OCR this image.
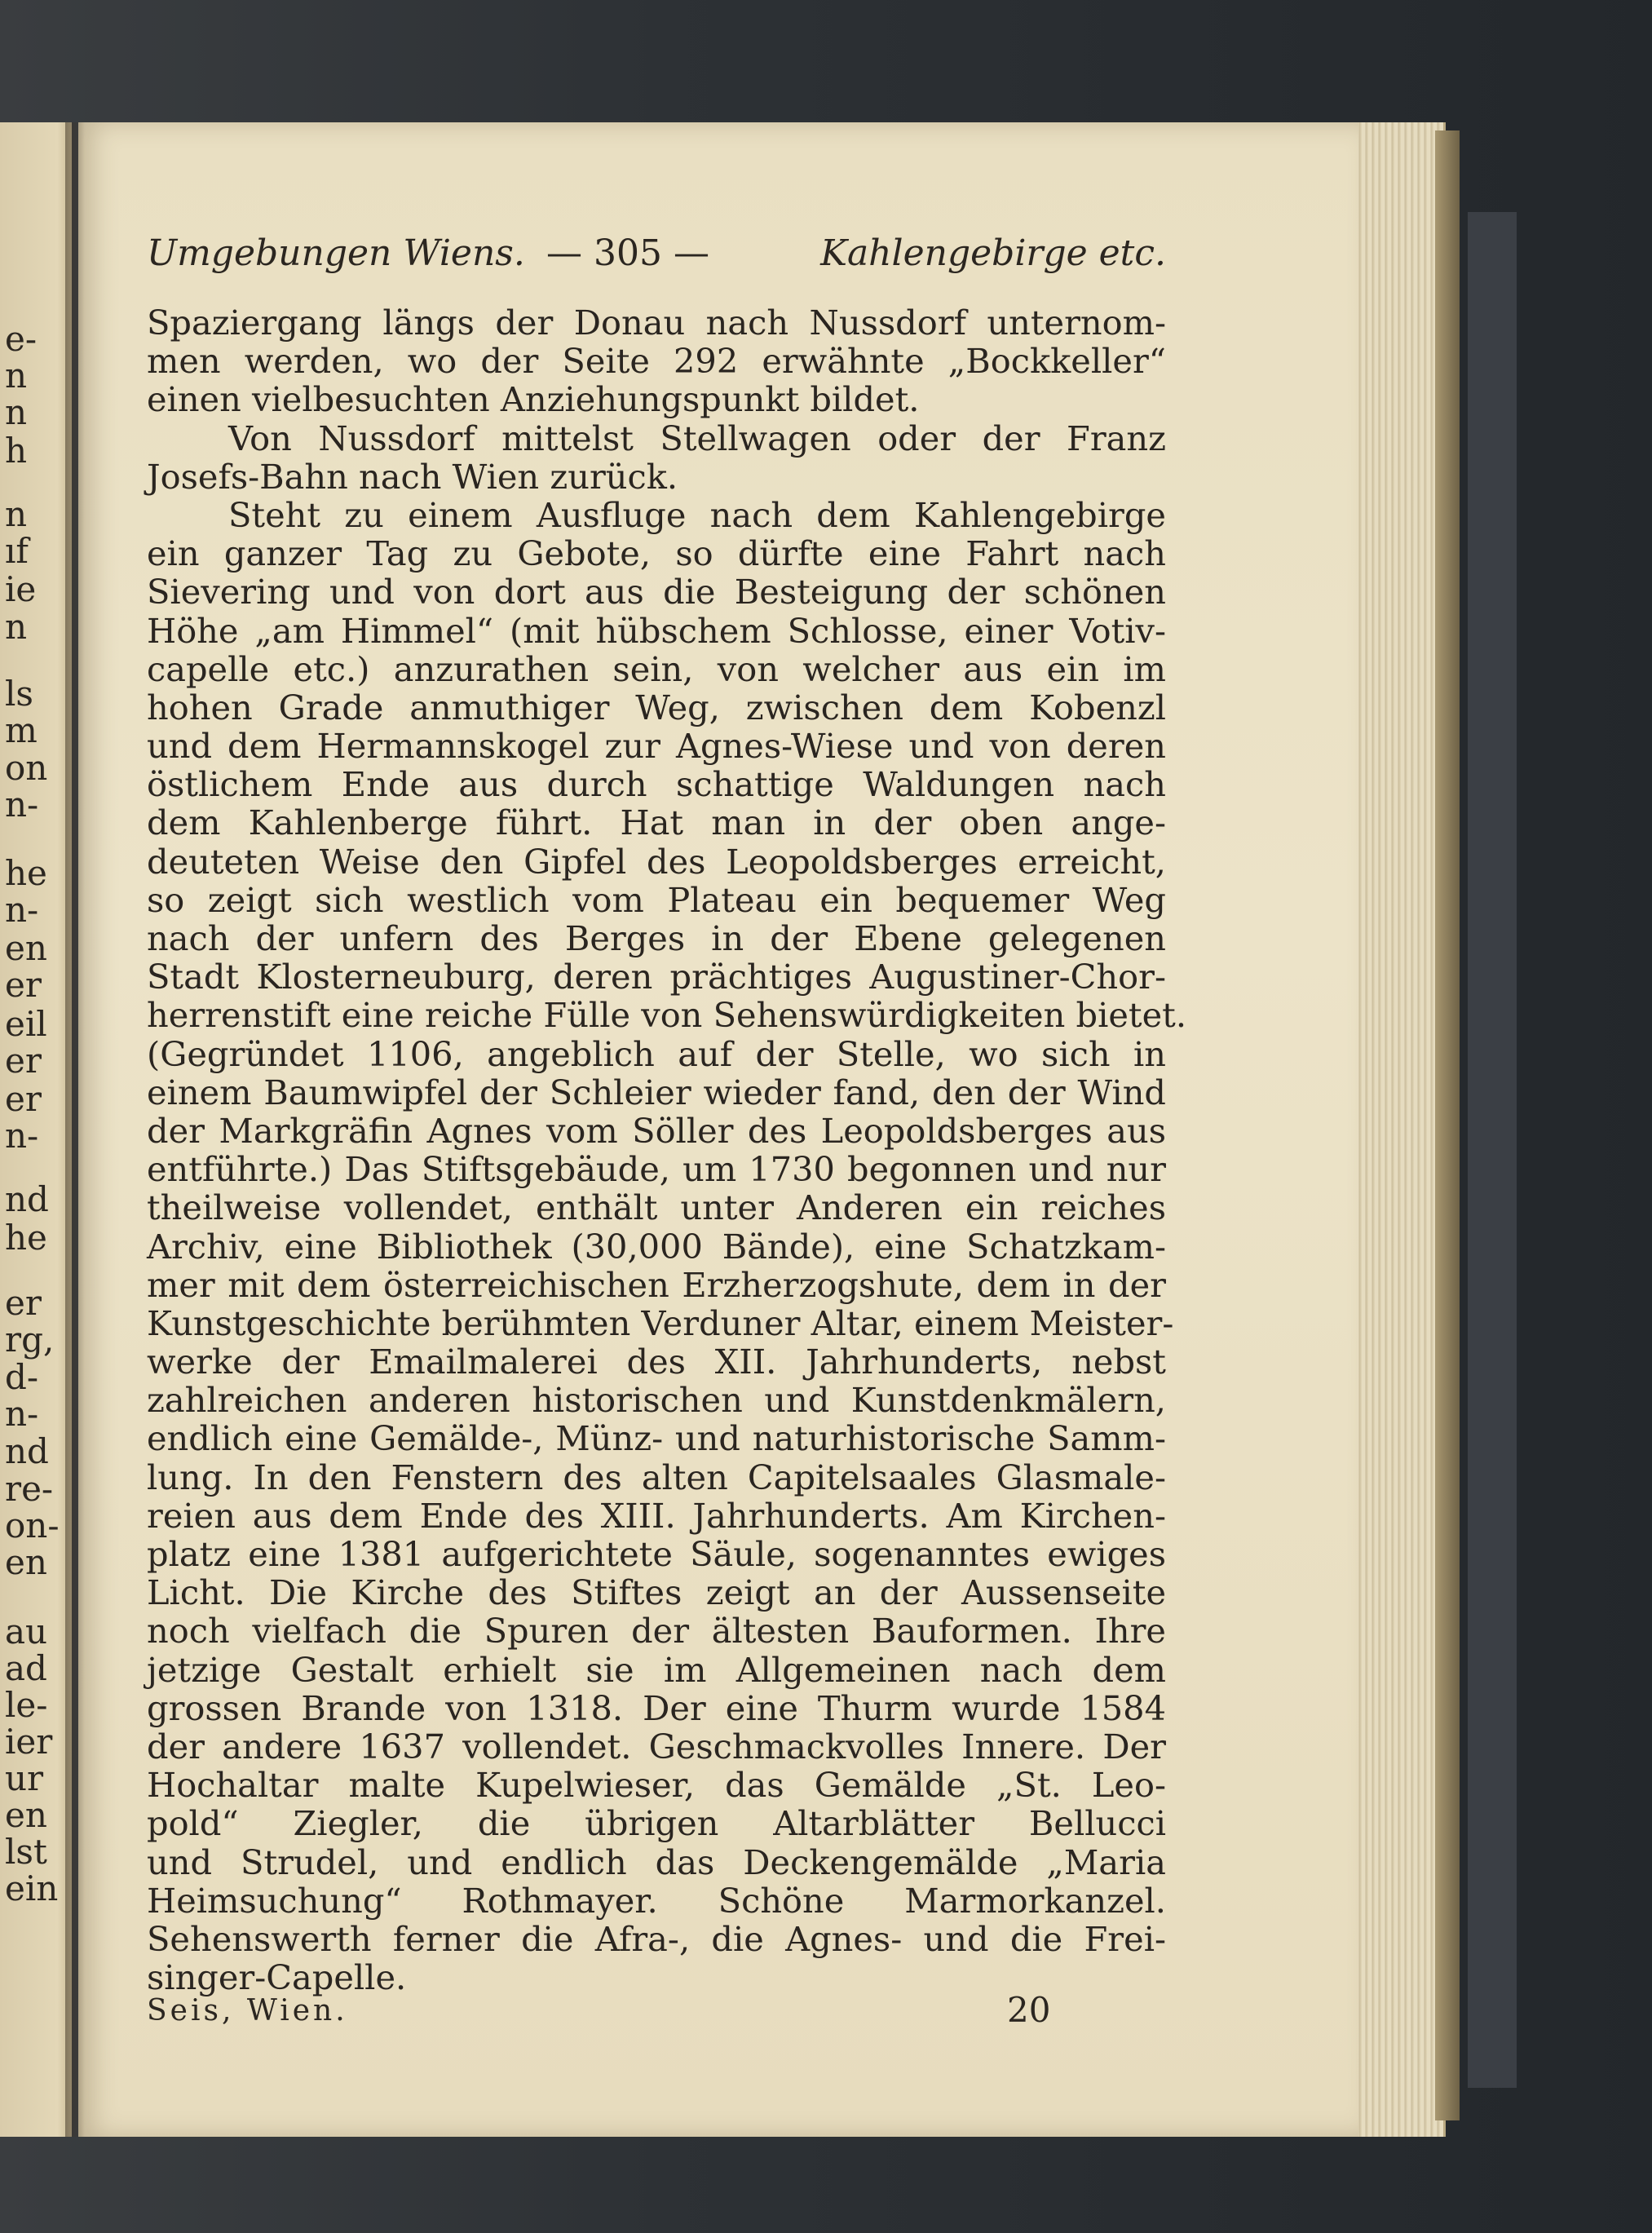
e-
n
n
h
n
ıf
ie
n
ls
m
on
n-
he
n-
en
er
eil
er
er
n-
nd
he
er
rg,
d-
n-
nd
re-
on-
en
au
ad
le-
ier
ur
en
lst
ein
Umgebungen Wiens. — 305 —	Kahlengebirge etc.
Spaziergang längs der Donau nach Nussdorf unternom-
men werden, wo der Seite 292 erwähnte „Bockkeller“
einen vielbesuchten Anziehungspunkt bildet.
Von Nussdorf mittelst Stellwagen oder der Franz
Josefs-Bahn nach Wien zurück.
Steht zu einem Ausfluge nach dem Kahlengebirge
ein ganzer Tag zu Gebote, so dürfte eine Fahrt nach
Sievering und von dort aus die Besteigung der schönen
Höhe „am Himmel“ (mit hübschem Schlosse, einer Votiv-
capelle etc.) anzurathen sein, von welcher aus ein im
hohen Grade anmuthiger Weg, zwischen dem Kobenzl
und dem Hermannskogel zur Agnes-Wiese und von deren
östlichem Ende aus durch schattige Waldungen nach
dem Kahlenberge führt. Hat man in der oben ange-
deuteten Weise den Gipfel des Leopoldsberges erreicht,
so zeigt sich westlich vom Plateau ein bequemer Weg
nach der unfern des Berges in der Ebene gelegenen
Stadt Klosterneuburg, deren prächtiges Augustiner-Chor-
herrenstift eine reiche Fülle von Sehenswürdigkeiten bietet.
(Gegründet 1106, angeblich auf der Stelle, wo sich in
einem Baumwipfel der Schleier wieder fand, den der Wind
der Markgräfin Agnes vom Söller des Leopoldsberges aus
entführte.) Das Stiftsgebäude, um 1730 begonnen und nur
theilweise vollendet, enthält unter Anderen ein reiches
Archiv, eine Bibliothek (30,000 Bände), eine Schatzkam-
mer mit dem österreichischen Erzherzogshute, dem in der
Kunstgeschichte berühmten Verduner Altar, einem Meister-
werke der Emailmalerei des XII. Jahrhunderts, nebst
zahlreichen anderen historischen und Kunstdenkmälern,
endlich eine Gemälde-, Münz- und naturhistorische Samm-
lung. In den Fenstern des alten Capitelsaales Glasmale-
reien aus dem Ende des XIII. Jahrhunderts. Am Kirchen-
platz eine 1381 aufgerichtete Säule, sogenanntes ewiges
Licht. Die Kirche des Stiftes zeigt an der Aussenseite
noch vielfach die Spuren der ältesten Bauformen. Ihre
jetzige Gestalt erhielt sie im Allgemeinen nach dem
grossen Brande von 1318. Der eine Thurm wurde 1584
der andere 1637 vollendet. Geschmackvolles Innere. Der
Hochaltar malte Kupelwieser, das Gemälde „St. Leo-
pold“ Ziegler, die übrigen Altarblätter Bellucci
und Strudel, und endlich das Deckengemälde „Maria
Heimsuchung“ Rothmayer. Schöne Marmorkanzel.
Sehenswerth ferner die Afra-, die Agnes- und die Frei-
singer-Capelle.
Seis, Wien.	20
